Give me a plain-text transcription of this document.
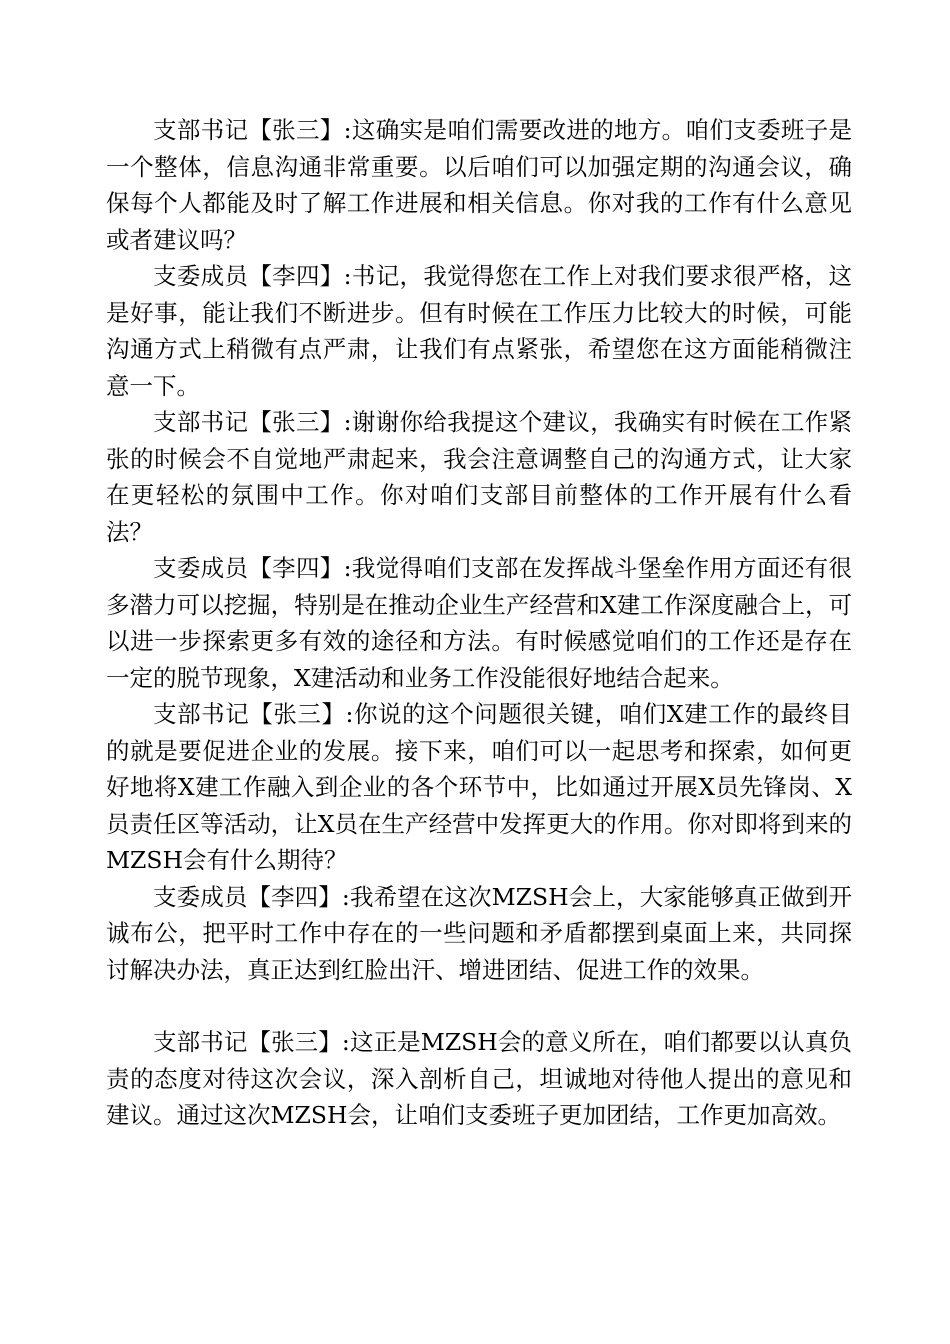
支部书记【张三】:这确实是咱们需要改进的地方。咱们支委班子是一个整体，信息沟通非常重要。以后咱们可以加强定期的沟通会议，确保每个人都能及时了解工作进展和相关信息。你对我的工作有什么意见或者建议吗？

支委成员【李四】:书记，我觉得您在工作上对我们要求很严格，这是好事，能让我们不断进步。但有时候在工作压力比较大的时候，可能沟通方式上稍微有点严肃，让我们有点紧张，希望您在这方面能稍微注意一下。

支部书记【张三】:谢谢你给我提这个建议，我确实有时候在工作紧张的时候会不自觉地严肃起来，我会注意调整自己的沟通方式，让大家在更轻松的氛围中工作。你对咱们支部目前整体的工作开展有什么看法？

支委成员【李四】:我觉得咱们支部在发挥战斗堡垒作用方面还有很多潜力可以挖掘，特别是在推动企业生产经营和X建工作深度融合上，可以进一步探索更多有效的途径和方法。有时候感觉咱们的工作还是存在一定的脱节现象，X建活动和业务工作没能很好地结合起来。

支部书记【张三】:你说的这个问题很关键，咱们X建工作的最终目的就是要促进企业的发展。接下来，咱们可以一起思考和探索，如何更好地将X建工作融入到企业的各个环节中，比如通过开展X员先锋岗、X员责任区等活动，让X员在生产经营中发挥更大的作用。你对即将到来的MZSH会有什么期待？

支委成员【李四】:我希望在这次MZSH会上，大家能够真正做到开诚布公，把平时工作中存在的一些问题和矛盾都摆到桌面上来，共同探讨解决办法，真正达到红脸出汗、增进团结、促进工作的效果。

支部书记【张三】:这正是MZSH会的意义所在，咱们都要以认真负责的态度对待这次会议，深入剖析自己，坦诚地对待他人提出的意见和建议。通过这次MZSH会，让咱们支委班子更加团结，工作更加高效。
